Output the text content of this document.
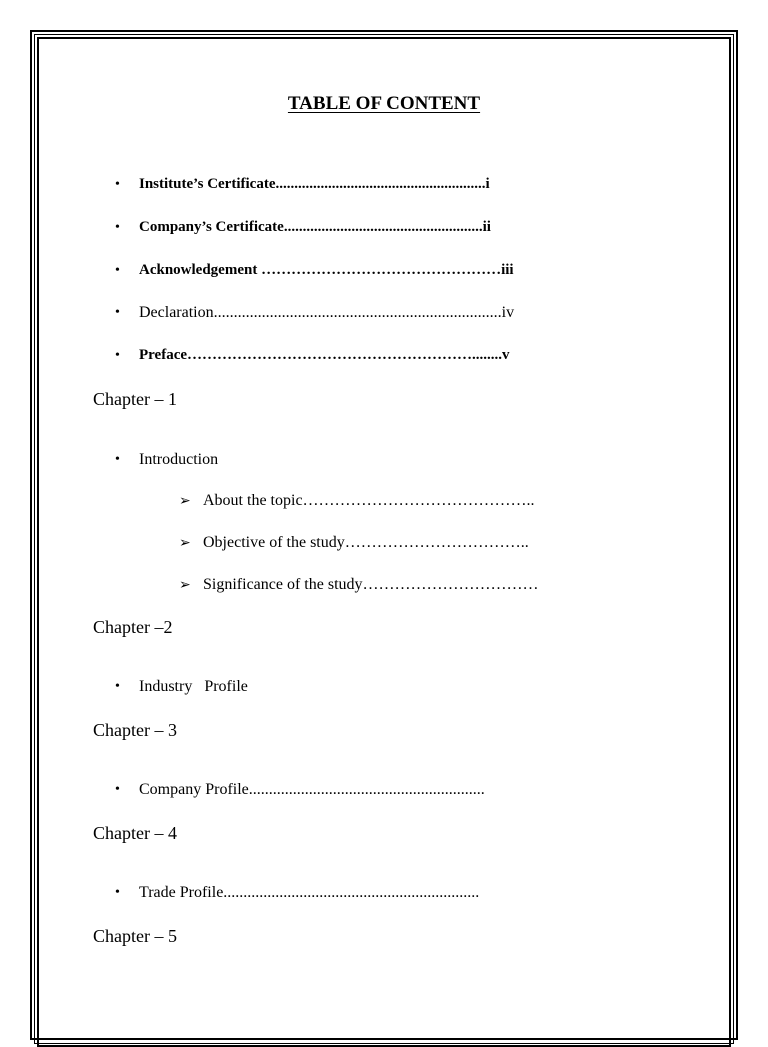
TABLE OF CONTENT
• Institute’s Certificate........................................................i
• Company’s Certificate.....................................................ii
• Acknowledgement …………………………………………iii
• Declaration........................................................................iv
• Preface…………………………………………………........v
Chapter – 1
• Introduction
➢ About the topic……………………………………..
➢ Objective of the study……………………………..
➢ Significance of the study……………………………
Chapter –2
• Industry   Profile
Chapter – 3
• Company Profile...........................................................
Chapter – 4
• Trade Profile................................................................
Chapter – 5
